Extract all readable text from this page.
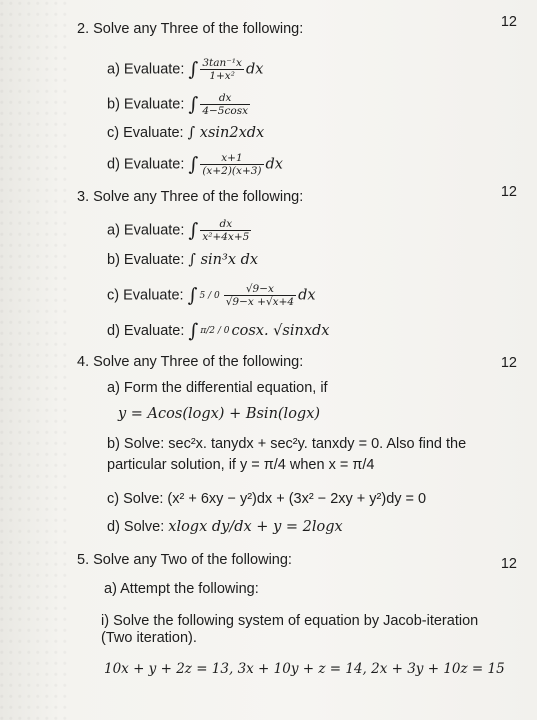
2. Solve any Three of the following:	12
a) Evaluate: ∫ $\frac{\text{3tan⁻¹x}}{\text{1+x²}}$ dx
b) Evaluate: ∫ $\frac{dx}{4-5\cos x}$
c) Evaluate: ∫ xsin2xdx
d) Evaluate: ∫ $\frac{x+1}{(x+2)(x+3)}$ dx
3. Solve any Three of the following:	12
a) Evaluate: ∫ $\frac{dx}{\text{x²+4x+5}}$
b) Evaluate: ∫ sin³x dx
c) Evaluate: ∫ $5 / 0 \frac{√9-x}{√9-x +√x+4}$ dx
d) Evaluate: ∫ π/2 / 0 cosx. √sinxdx
4. Solve any Three of the following:	12
a) Form the differential equation, if
y = Acos(logx) + Bsin(logx)
b) Solve: sec²x. tanydx + sec²y. tanxdy = 0. Also find the
particular solution, if y = π/4 when x = π/4
c) Solve: (x² + 6xy − y²)dx + (3x² − 2xy + y²)dy = 0
d) Solve: xlogx dy/dx + y = 2logx
5. Solve any Two of the following:	12
a) Attempt the following:
i) Solve the following system of equation by Jacob-iteration
(Two iteration).
10x + y + 2z = 13, 3x + 10y + z = 14, 2x + 3y + 10z = 15
